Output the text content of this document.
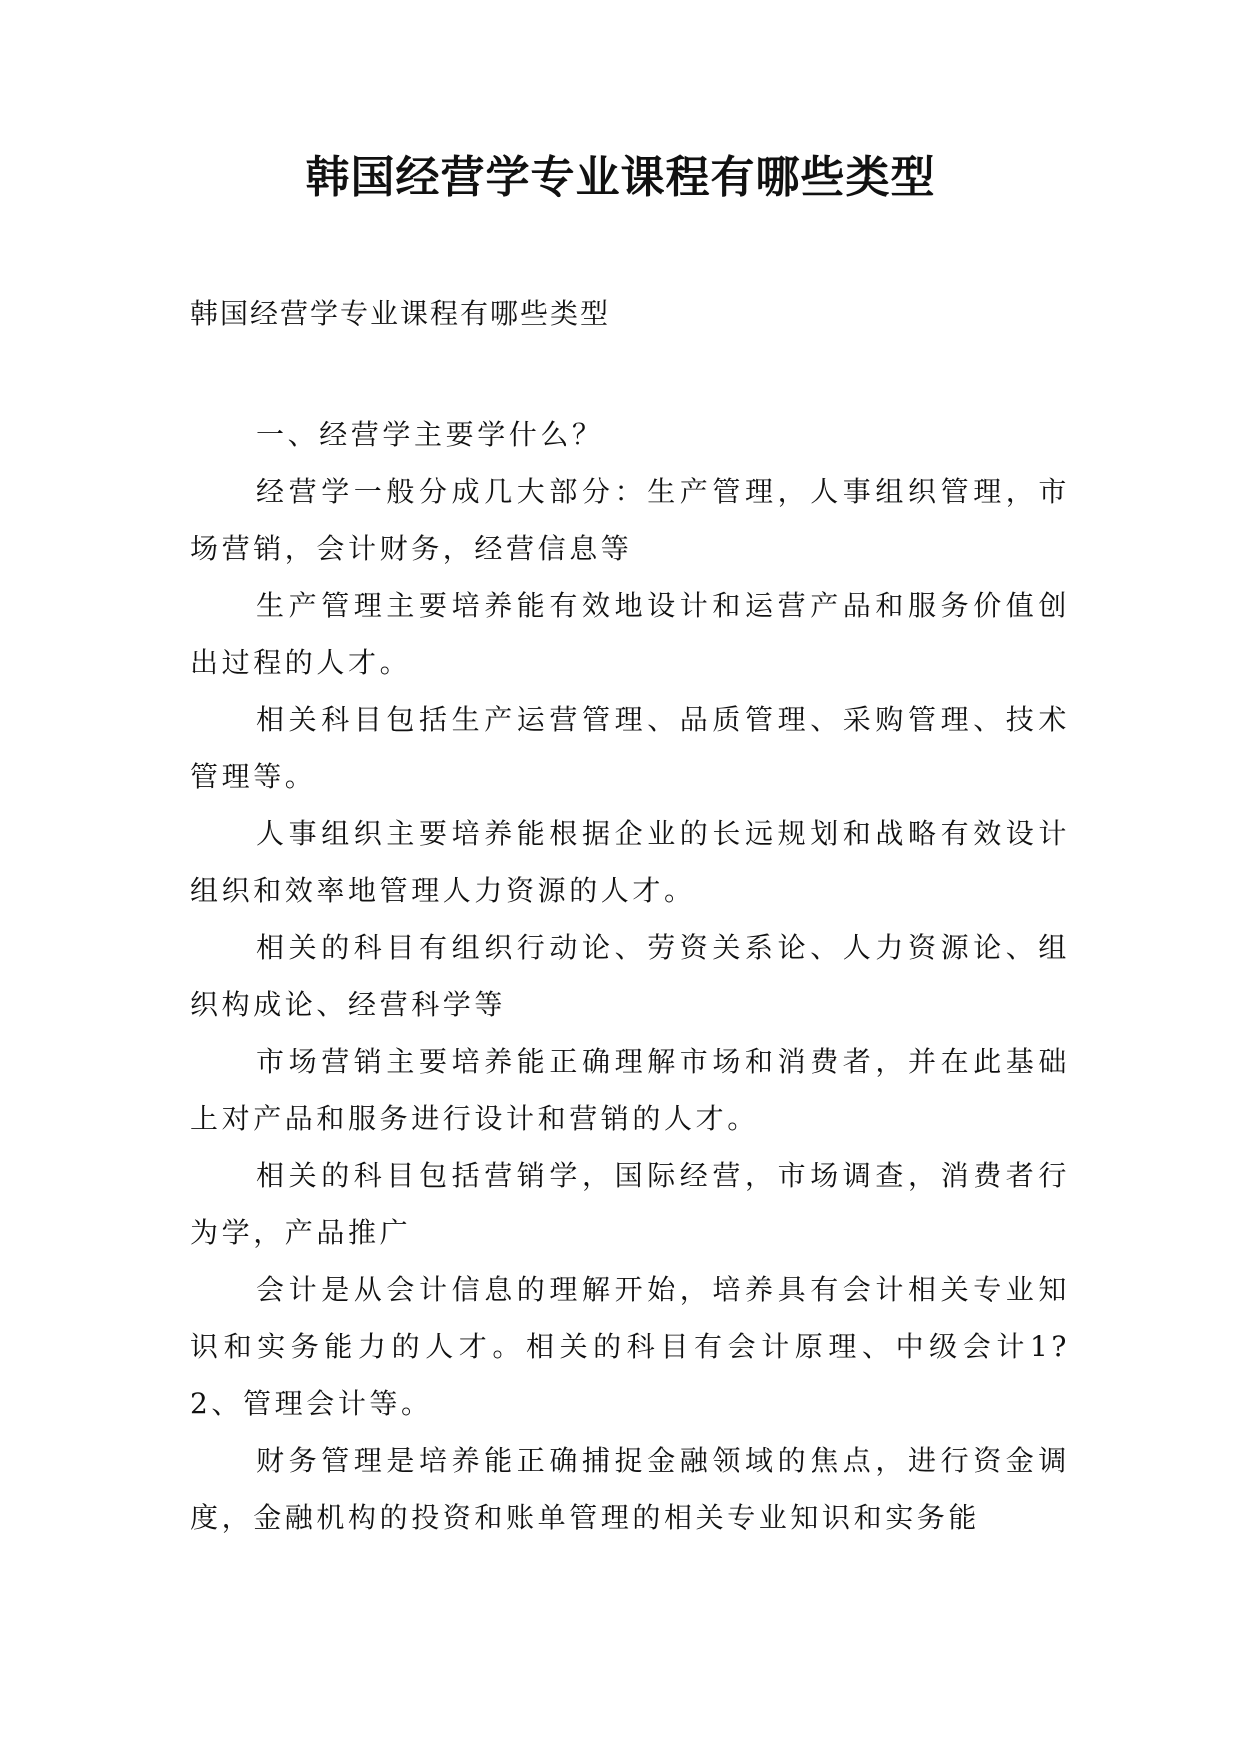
韩国经营学专业课程有哪些类型
韩国经营学专业课程有哪些类型

一、经营学主要学什么？

经营学一般分成几大部分：生产管理，人事组织管理，市场营销，会计财务，经营信息等

生产管理主要培养能有效地设计和运营产品和服务价值创出过程的人才。

相关科目包括生产运营管理、品质管理、采购管理、技术管理等。

人事组织主要培养能根据企业的长远规划和战略有效设计组织和效率地管理人力资源的人才。

相关的科目有组织行动论、劳资关系论、人力资源论、组织构成论、经营科学等

市场营销主要培养能正确理解市场和消费者，并在此基础上对产品和服务进行设计和营销的人才。

相关的科目包括营销学，国际经营，市场调查，消费者行为学，产品推广

会计是从会计信息的理解开始，培养具有会计相关专业知识和实务能力的人才。相关的科目有会计原理、中级会计1?2、管理会计等。

财务管理是培养能正确捕捉金融领域的焦点，进行资金调度，金融机构的投资和账单管理的相关专业知识和实务能
